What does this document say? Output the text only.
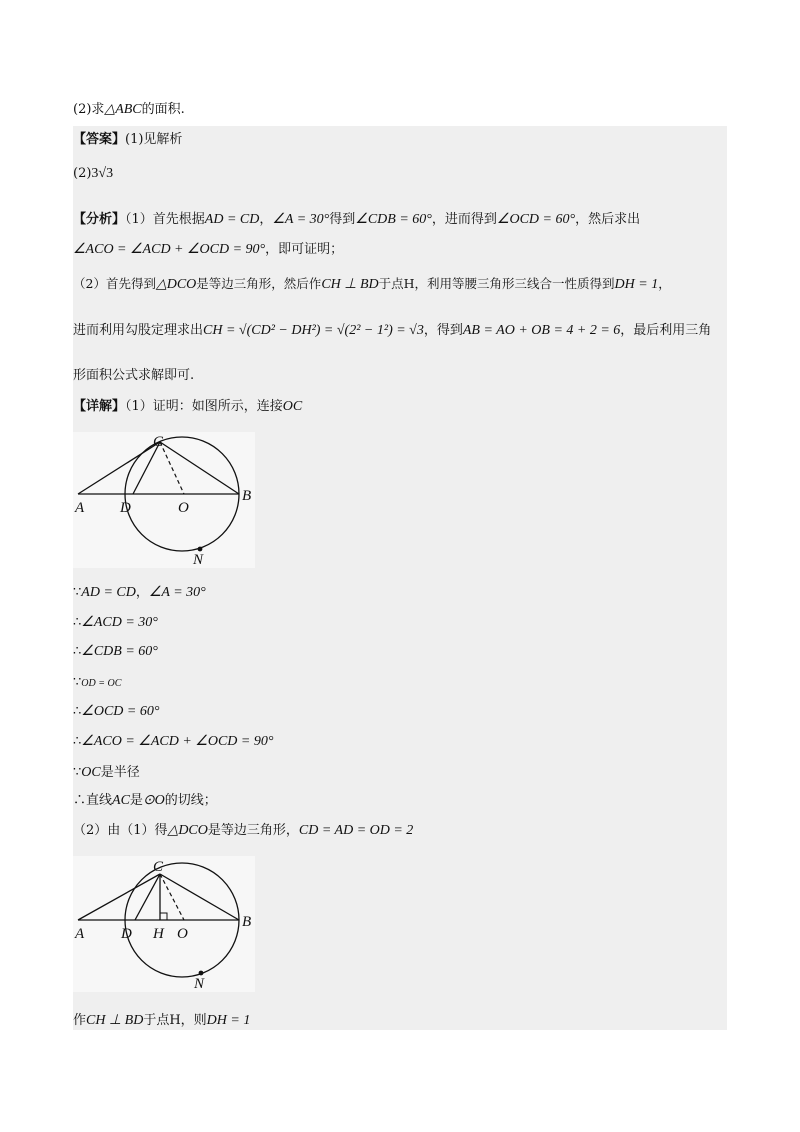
(2)求△ABC的面积.
【答案】(1)见解析
(2)3√3
【分析】（1）首先根据AD = CD，∠A = 30°得到∠CDB = 60°，进而得到∠OCD = 60°，然后求出
∠ACO = ∠ACD + ∠OCD = 90°，即可证明；
（2）首先得到△DCO是等边三角形，然后作CH ⊥ BD于点H，利用等腰三角形三线合一性质得到DH = 1，
进而利用勾股定理求出CH = √(CD² − DH²) = √(2² − 1²) = √3，得到AB = AO + OB = 4 + 2 = 6，最后利用三角
形面积公式求解即可.
【详解】（1）证明：如图所示，连接OC
C
A D	O
B
N
∵AD = CD，∠A = 30°
∴∠ACD = 30°
∴∠CDB = 60°
∵OD = OC
∴∠OCD = 60°
∴∠ACO = ∠ACD + ∠OCD = 90°
∵OC是半径
∴直线AC是⊙O的切线；
（2）由（1）得△DCO是等边三角形，CD = AD = OD = 2
C
A D H O
B
N
作CH ⊥ BD于点H，则DH = 1
